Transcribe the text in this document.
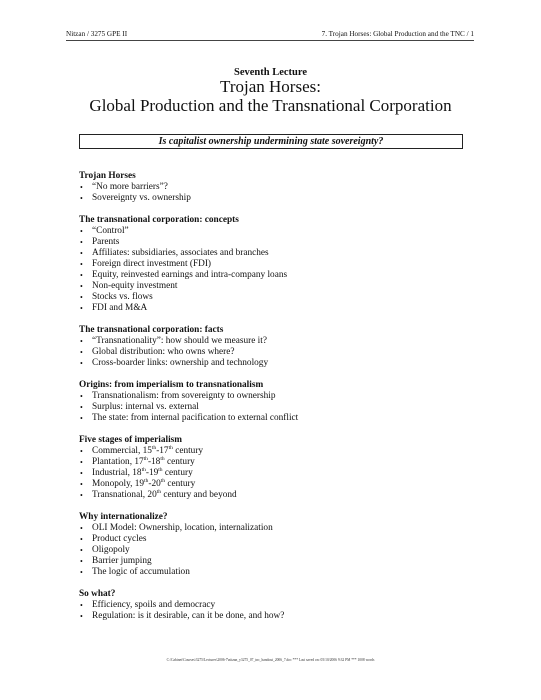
Nitzan / 3275 GPE II	7. Trojan Horses: Global Production and the TNC / 1
Seventh Lecture
Trojan Horses:
Global Production and the Transnational Corporation
Is capitalist ownership undermining state sovereignty?
Trojan Horses
• “No more barriers”?
• Sovereignty vs. ownership
The transnational corporation: concepts
• “Control”
• Parents
• Affiliates: subsidiaries, associates and branches
• Foreign direct investment (FDI)
• Equity, reinvested earnings and intra-company loans
• Non-equity investment
• Stocks vs. flows
• FDI and M&A
The transnational corporation: facts
• “Transnationality”: how should we measure it?
• Global distribution: who owns where?
• Cross-boarder links: ownership and technology
Origins: from imperialism to transnationalism
• Transnationalism: from sovereignty to ownership
• Surplus: internal vs. external
• The state: from internal pacification to external conflict
Five stages of imperialism
• Commercial, 15th-17th century
• Plantation, 17th-18th century
• Industrial, 18th-19th century
• Monopoly, 19th-20th century
• Transnational, 20th century and beyond
Why internationalize?
• OLI Model: Ownership, location, internalization
• Product cycles
• Oligopoly
• Barrier jumping
• The logic of accumulation
So what?
• Efficiency, spoils and democracy
• Regulation: is it desirable, can it be done, and how?
C:\Cabinet\Courses\3275\Lectures\2006-7\nitzan_y3275_07_tnc_handout_2006_7.doc *** Last saved on: 05/10/2006 9:32 PM *** 1008 words
